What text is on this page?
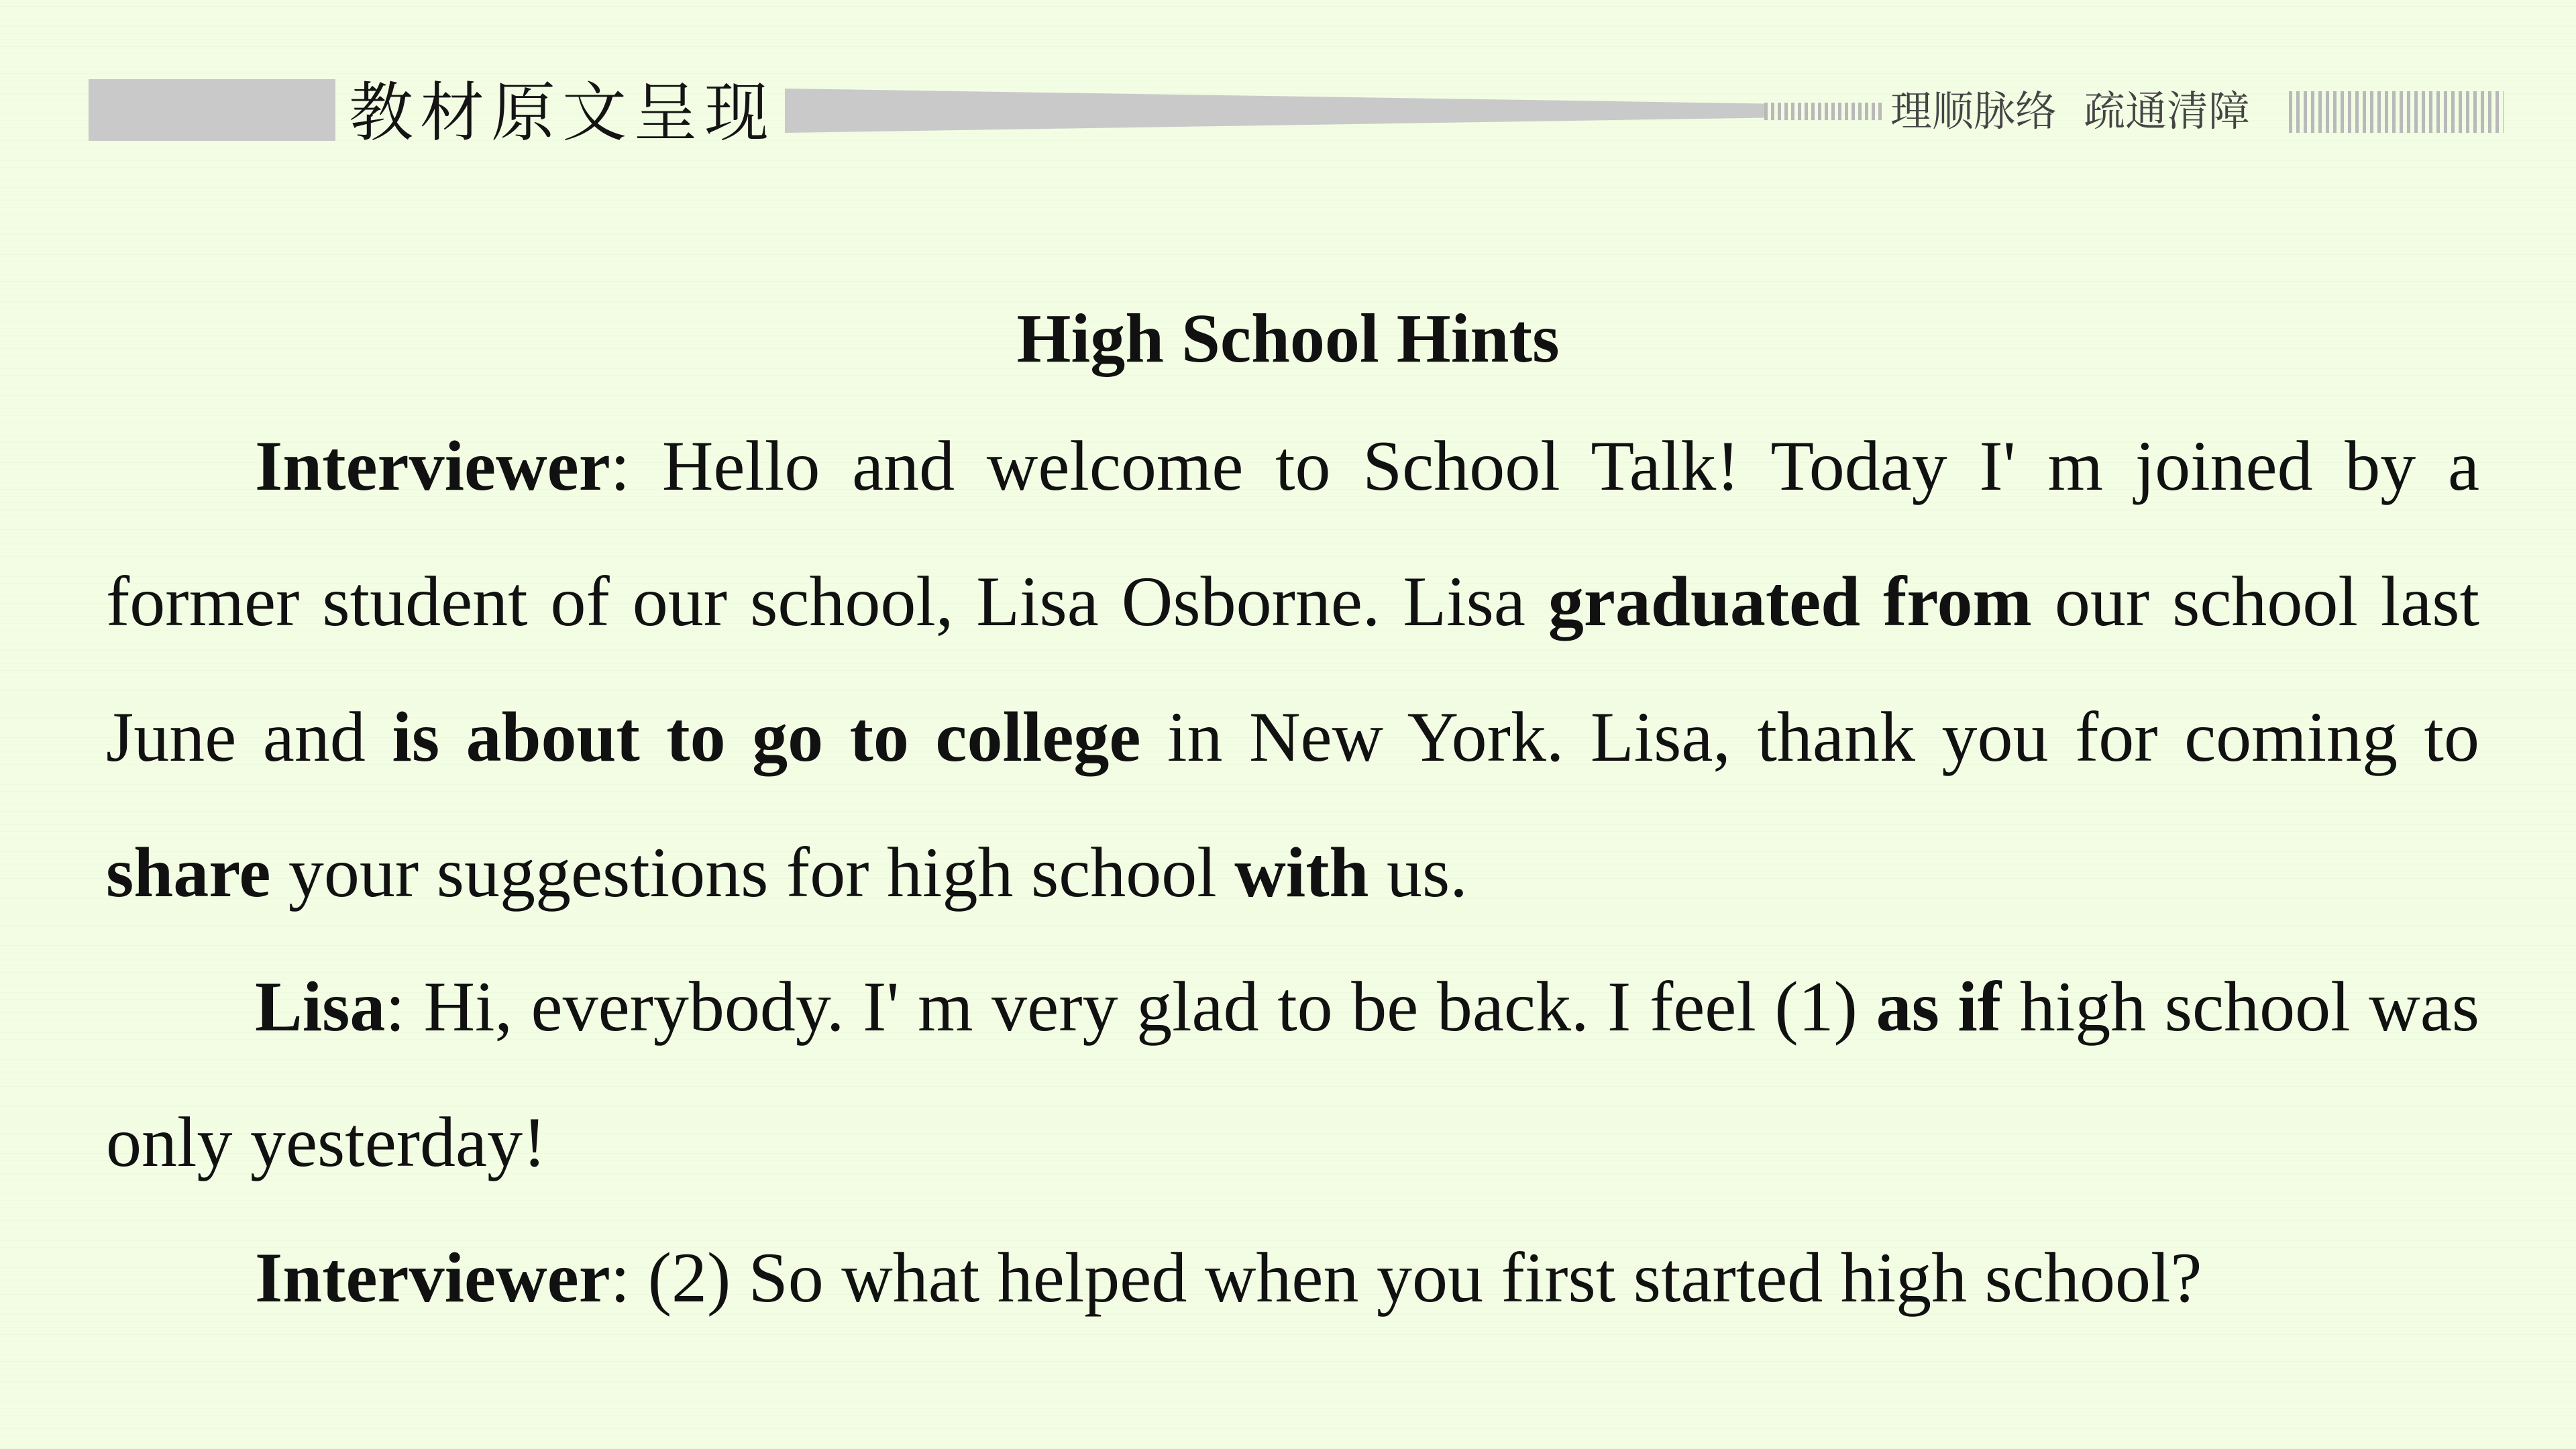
教材原文呈现	理顺脉络 疏通清障
High School Hints
Interviewer: Hello and welcome to School Talk! Today I' m joined by a former student of our school, Lisa Osborne. Lisa graduated from our school last June and is about to go to college in New York. Lisa, thank you for coming to share your suggestions for high school with us.
Lisa: Hi, everybody. I' m very glad to be back. I feel (1) as if high school was only yesterday!
Interviewer: (2) So what helped when you first started high school?
